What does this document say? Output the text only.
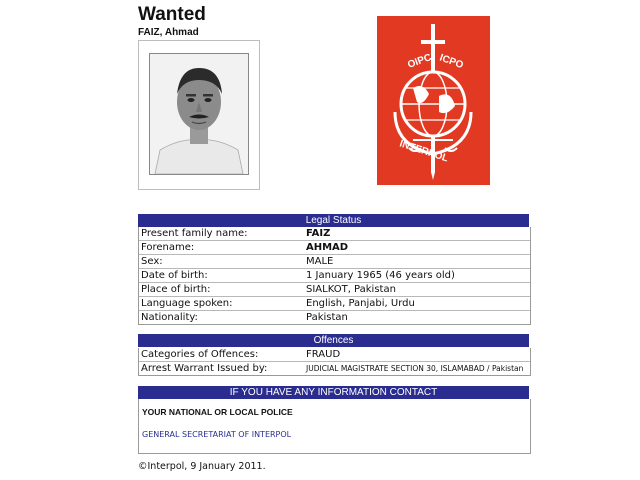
Wanted
FAIZ, Ahmad
OIPC ICPO
INTERPOL
Legal Status
Present family name:	FAIZ
Forename:	AHMAD
Sex:	MALE
Date of birth:	1 January 1965 (46 years old)
Place of birth:	SIALKOT, Pakistan
Language spoken:	English, Panjabi, Urdu
Nationality:	Pakistan
Offences
Categories of Offences:	FRAUD
Arrest Warrant Issued by:	JUDICIAL MAGISTRATE SECTION 30, ISLAMABAD / Pakistan
IF YOU HAVE ANY INFORMATION CONTACT
YOUR NATIONAL OR LOCAL POLICE
GENERAL SECRETARIAT OF INTERPOL
©Interpol, 9 January 2011.
